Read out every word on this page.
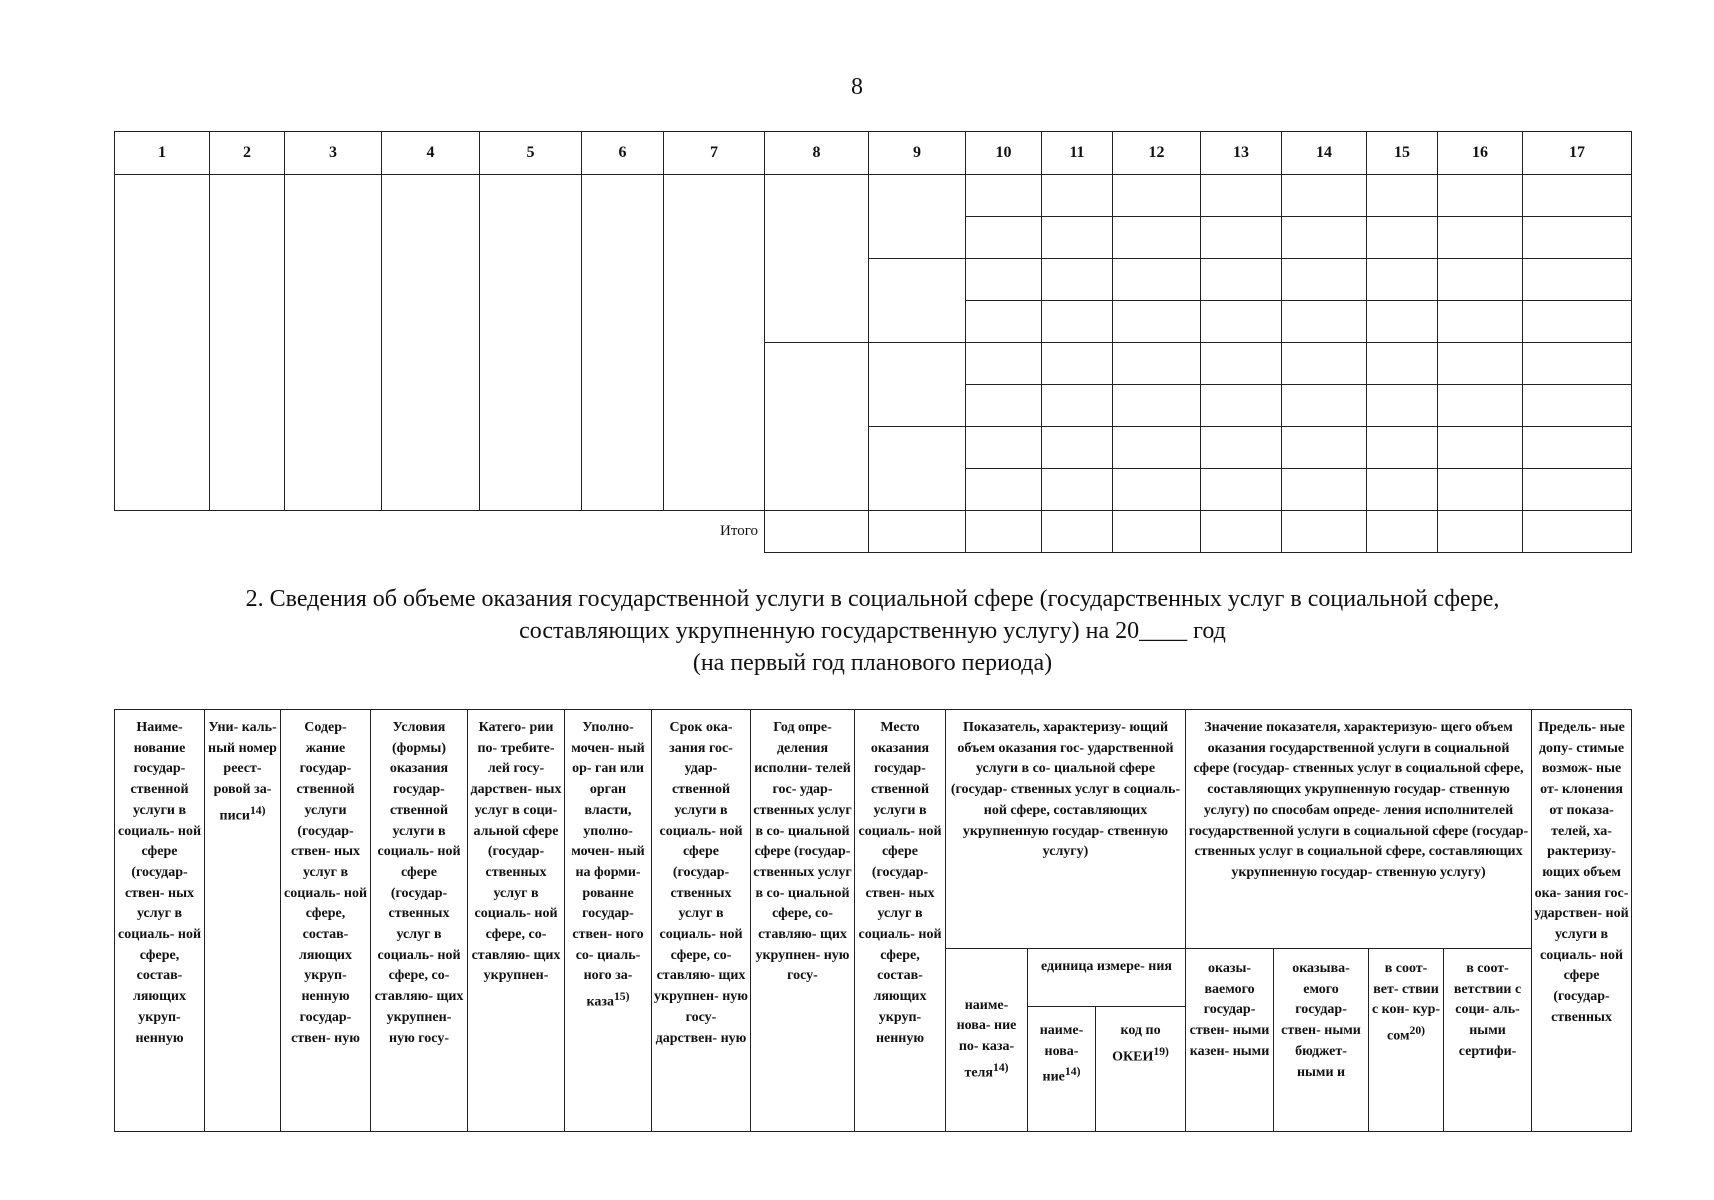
8
1	2	3	4	5	6	7	8	9	10	11	12	13	14	15	16	17

Итого																
2. Сведения об объеме оказания государственной услуги в социальной сфере (государственных услуг в социальной сфере,
составляющих укрупненную государственную услугу) на 20____ год
(на первый год планового периода)
Наиме- нование государ- ственной услуги в социаль- ной сфере (государ- ствен- ных услуг в социаль- ной сфере, состав- ляющих укруп- ненную	Уни- каль- ный номер реест- ровой за- писи$^{14)}$	Содер- жание государ- ственной услуги (государ- ствен- ных услуг в социаль- ной сфере, состав- ляющих укруп- ненную государ- ствен- ную	Условия (формы) оказания государ- ственной услуги в социаль- ной сфере (государ- ственных услуг в социаль- ной сфере, со- ставляю- щих укрупнен- ную госу-	Катего- рии по- требите- лей госу- дарствен- ных услуг в соци- альной сфере (государ- ственных услуг в социаль- ной сфере, со- ставляю- щих укрупнен-	Уполно- мочен- ный ор- ган или орган власти, уполно- мочен- ный на форми- рованне государ- ствен- ного со- циаль- ного за- каза$^{15)}$	Срок ока- зания гос- удар- ственной услуги в социаль- ной сфере (государ- ственных услуг в социаль- ной сфере, со- ставляю- щих укрупнен- ную госу- дарствен- ную	Год опре- деления исполни- телей гос- удар- ственных услуг в со- циальной сфере (государ- ственных услуг в со- циальной сфере, со- ставляю- щих укрупнен- ную госу-	Место оказания государ- ственной услуги в социаль- ной сфере (государ- ствен- ных услуг в социаль- ной сфере, состав- ляющих укруп- ненную	Показатель, характеризу- ющий объем оказания гос- ударственной услуги в со- циальной сфере (государ- ственных услуг в социаль- ной сфере, составляющих укрупненную государ- ственную услугу)			Значение показателя, характеризую- щего объем оказания государственной услуги в социальной сфере (государ- ственных услуг в социальной сфере, составляющих укрупненную государ- ственную услугу) по способам опреде- ления исполнителей государственной услуги в социальной сфере (государ- ственных услуг в социальной сфере, составляющих укрупненную государ- ственную услугу)				Предель- ные допу- стимые возмож- ные от- клонения от показа- телей, ха- рактеризу- ющих объем ока- зания гос- ударствен- ной услуги в социаль- ной сфере (государ- ственных
									наиме- нова- ние по- каза- теля$^{14)}$	единица измере- ния		оказы- ваемого государ- ствен- ными казен- ными	оказыва- емого государ- ствен- ными бюджет- ными и	в соот- вет- ствии с кон- кур- сом$^{20)}$	в соот- ветствии с соци- аль- ными сертифи-	
										наиме- нова- ние$^{14)}$	код по ОКЕИ$^{19)}$
